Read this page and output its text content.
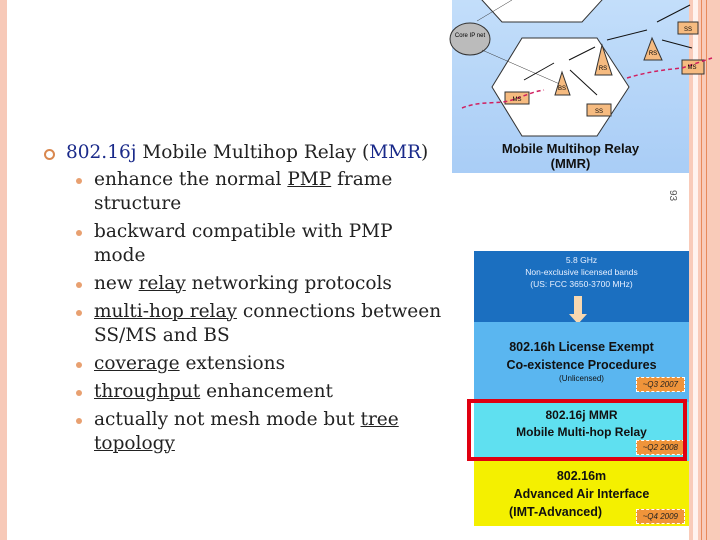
802.16j Mobile Multihop Relay (MMR)
enhance the normal PMP frame structure
backward compatible with PMP mode
new relay networking protocols
multi-hop relay connections between SS/MS and BS
coverage extensions
throughput enhancement
actually not mesh mode but tree topology
Core IP net
BS
RS
RS
MS
MS
SS
SS
Mobile Multihop Relay
(MMR)
93
5.8 GHz
Non-exclusive licensed bands
(US: FCC 3650-3700 MHz)
802.16h License Exempt
Co-existence Procedures
(Unlicensed)
~Q3 2007
802.16j MMR
Mobile Multi-hop Relay
~Q2 2008
802.16m
Advanced Air Interface
(IMT-Advanced)	~Q4 2009
